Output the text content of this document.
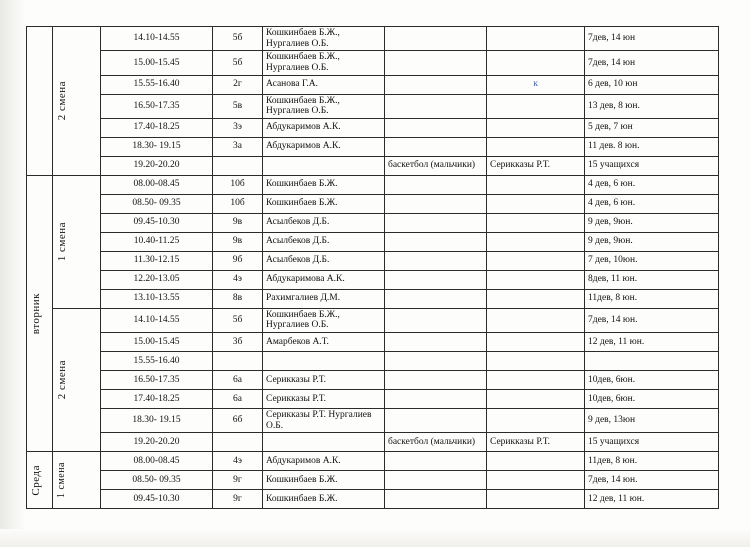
	2 смена	14.10-14.55	5б	Кошкинбаев Б.Ж., Нургалиев О.Б.			7дев, 14 юн
		15.00-15.45	5б	Кошкинбаев Б.Ж., Нургалиев О.Б.			7дев, 14 юн
		15.55-16.40	2г	Асанова Г.А.		к	6 дев, 10 юн
		16.50-17.35	5в	Кошкинбаев Б.Ж., Нургалиев О.Б.			13 дев, 8 юн.
		17.40-18.25	3э	Абдукаримов А.К.			5 дев, 7 юн
		18.30- 19.15	3а	Абдукаримов А.К.			11 дев. 8 юн.
		19.20-20.20			баскетбол (мальчики)	Серикказы Р.Т.	15 учащихся

вторник	1 смена	08.00-08.45	10б	Кошкинбаев Б.Ж.			4 дев, 6 юн.
		08.50- 09.35	10б	Кошкинбаев Б.Ж.			4 дев, 6 юн.
		09.45-10.30	9в	Асылбеков Д.Б.			9 дев, 9юн.
		10.40-11.25	9в	Асылбеков Д.Б.			9 дев, 9юн.
		11.30-12.15	9б	Асылбеков Д.Б.			7 дев, 10юн.
		12.20-13.05	4э	Абдукаримова А.К.			8дев, 11 юн.
		13.10-13.55	8в	Рахимгалиев Д.М.			11дев, 8 юн.

	2 смена	14.10-14.55	5б	Кошкинбаев Б.Ж., Нургалиев О.Б.			7дев, 14 юн.
		15.00-15.45	3б	Амарбеков А.Т.			12 дев, 11 юн.
		15.55-16.40					
		16.50-17.35	6а	Серикказы Р.Т.			10дев, 6юн.
		17.40-18.25	6а	Серикказы Р.Т.			10дев, 6юн.
		18.30- 19.15	6б	Серикказы Р.Т. Нургалиев О.Б.			9 дев, 13юн
		19.20-20.20			баскетбол (мальчики)	Серикказы Р.Т.	15 учащихся

Среда	1 смена	08.00-08.45	4э	Абдукаримов А.К.			11дев, 8 юн.
		08.50- 09.35	9г	Кошкинбаев Б.Ж.			7дев, 14 юн.
		09.45-10.30	9г	Кошкинбаев Б.Ж.			12 дев, 11 юн.
